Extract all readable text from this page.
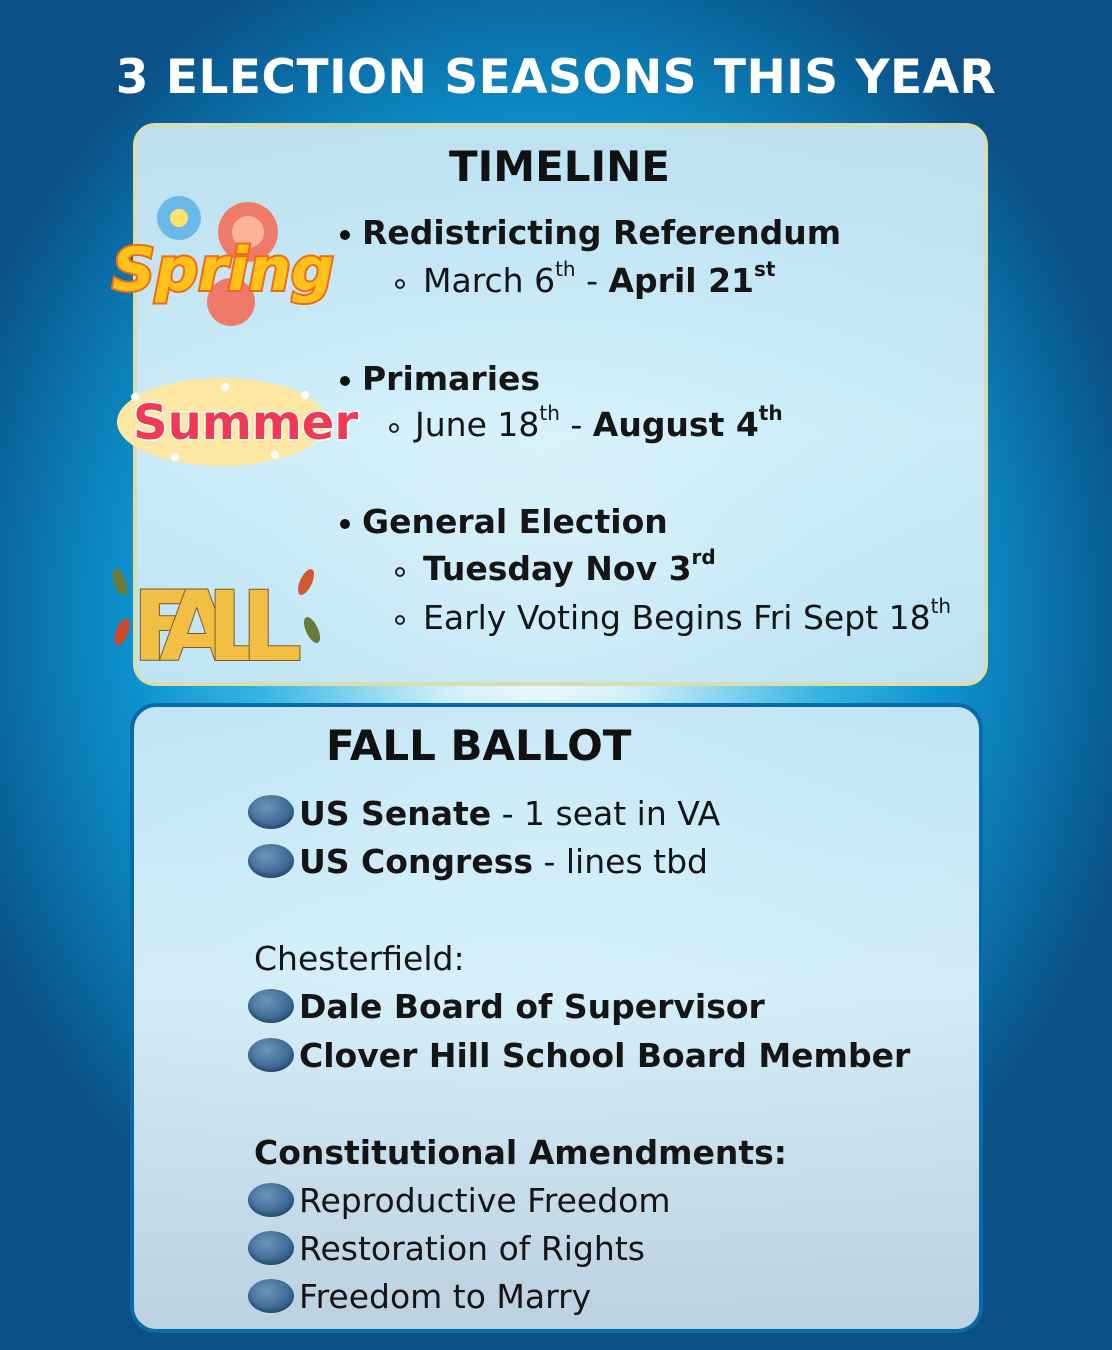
3 ELECTION SEASONS THIS YEAR
TIMELINE
Redistricting Referendum
March 6th - April 21st
Primaries
June 18th - August 4th
General Election
Tuesday Nov 3rd
Early Voting Begins Fri Sept 18th
Spring
Summer
FALL
FALL BALLOT
US Senate - 1 seat in VA
US Congress - lines tbd
Chesterfield:
Dale Board of Supervisor
Clover Hill School Board Member
Constitutional Amendments:
Reproductive Freedom
Restoration of Rights
Freedom to Marry
